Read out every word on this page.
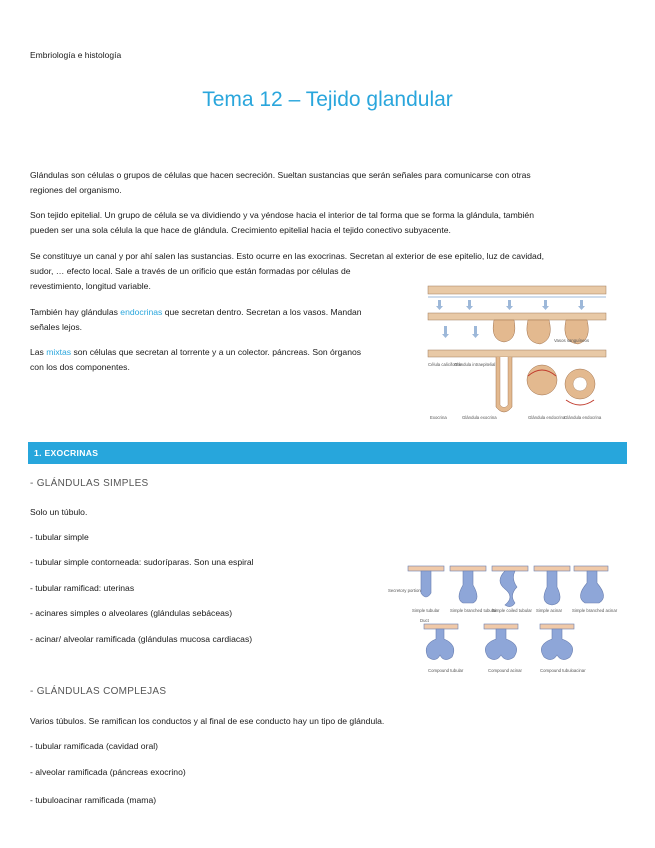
Embriología e histología
Tema 12 – Tejido glandular
Glándulas son células o grupos de células que hacen secreción. Sueltan sustancias que serán señales para comunicarse con otras
regiones del organismo.
Son tejido epitelial. Un grupo de célula se va dividiendo y va yéndose hacia el interior de tal forma que se forma la glándula, también
pueden ser una sola célula la que hace de glándula. Crecimiento epitelial hacia el tejido conectivo subyacente.
Se constituye un canal y por ahí salen las sustancias. Esto ocurre en las exocrinas. Secretan al exterior de ese epitelio, luz de cavidad,
sudor, … efecto local. Sale a través de un orificio que están formadas por células de
revestimiento, longitud variable.
También hay glándulas endocrinas que secretan dentro. Secretan a los vasos. Mandan
señales lejos.
Las mixtas son células que secretan al torrente y a un colector. páncreas. Son órganos
con los dos componentes.	Célula caliciforme
Glándula intraepitelial
Vasos sanguíneos
Exocrina	Glándula exocrina	Glándula endocrina
Glándula endocrina
1. EXOCRINAS
- GLÁNDULAS SIMPLES
Solo un túbulo.
- tubular simple
- tubular simple contorneada: sudoríparas. Son una espiral
- tubular ramificad: uterinas
- acinares simples o alveolares (glándulas sebáceas)
- acinar/ alveolar ramificada (glándulas mucosa cardiacas)
Secretory portion
Simple tubular Simple branched tubular
Simple coiled tubular Simple acinar Simple branched acinar
Duct
Compound tubular	Compound acinar	Compound tubuloacinar
- GLÁNDULAS COMPLEJAS
Varios túbulos. Se ramifican los conductos y al final de ese conducto hay un tipo de glándula.
- tubular ramificada (cavidad oral)
- alveolar ramificada (páncreas exocrino)
- tubuloacinar ramificada (mama)
